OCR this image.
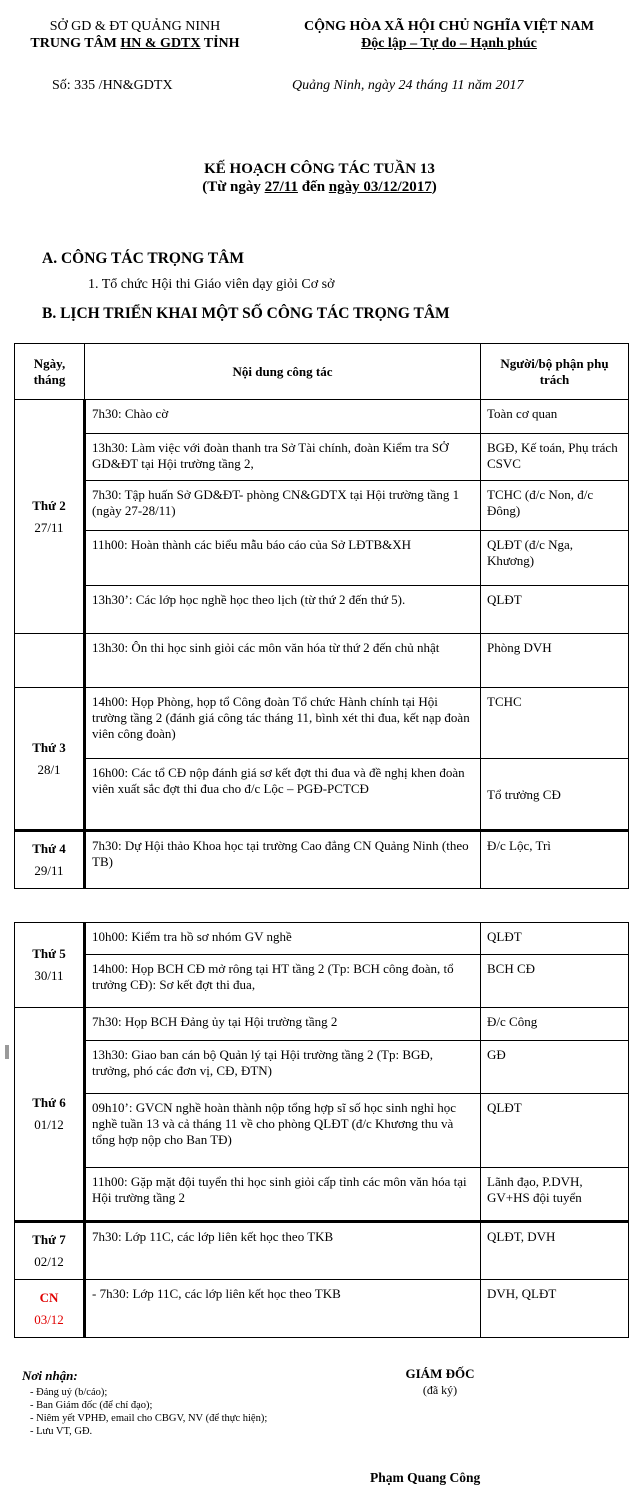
SỞ GD & ĐT QUẢNG NINH
TRUNG TÂM HN & GDTX TỈNH
CỘNG HÒA XÃ HỘI CHỦ NGHĨA VIỆT NAM
Độc lập – Tự do – Hạnh phúc
Số: 335 /HN&GDTX	Quảng Ninh, ngày 24 tháng 11 năm 2017
KẾ HOẠCH CÔNG TÁC TUẦN 13
(Từ ngày 27/11 đến ngày 03/12/2017)
A. CÔNG TÁC TRỌNG TÂM
1. Tổ chức Hội thi Giáo viên dạy giỏi Cơ sở
B. LỊCH TRIỂN KHAI MỘT SỐ CÔNG TÁC TRỌNG TÂM
Ngày, tháng	Nội dung công tác	Người/bộ phận phụ trách

Thứ 2
27/11	7h30: Chào cờ	Toàn cơ quan
	13h30: Làm việc với đoàn thanh tra Sở Tài chính, đoàn Kiểm tra SỞ GD&ĐT tại Hội trường tầng 2,	BGĐ, Kế toán, Phụ trách CSVC
	7h30: Tập huấn Sở GD&ĐT- phòng CN&GDTX tại Hội trường tầng 1 (ngày 27-28/11)	TCHC (đ/c Non, đ/c Đông)
	11h00: Hoàn thành các biểu mẫu báo cáo của Sở LĐTB&XH	QLĐT (đ/c Nga, Khương)
	13h30’: Các lớp học nghề học theo lịch (từ thứ 2 đến thứ 5).	QLĐT
	13h30: Ôn thi học sinh giỏi các môn văn hóa từ thứ 2 đến chủ nhật	Phòng DVH

Thứ 3
28/1	14h00: Họp Phòng, họp tổ Công đoàn Tổ chức Hành chính tại Hội trường tầng 2 (đánh giá công tác tháng 11, bình xét thi đua, kết nạp đoàn viên công đoàn)	TCHC
	16h00: Các tổ CĐ nộp đánh giá sơ kết đợt thi đua và đề nghị khen đoàn viên xuất sắc đợt thi đua cho đ/c Lộc – PGĐ-PCTCĐ	Tổ trưởng CĐ

Thứ 4
29/11	7h30: Dự Hội thảo Khoa học tại trường Cao đẳng CN Quảng Ninh (theo TB)	Đ/c Lộc, Trì
Thứ 5
30/11	10h00: Kiểm tra hồ sơ nhóm GV nghề	QLĐT
	14h00: Họp BCH CĐ mở rông tại HT tầng 2 (Tp: BCH công đoàn, tổ trưởng CĐ): Sơ kết đợt thi đua,	BCH CĐ

Thứ 6
01/12	7h30: Họp BCH Đảng ủy tại Hội trường tầng 2	Đ/c Công
	13h30: Giao ban cán bộ Quản lý tại Hội trường tầng 2 (Tp: BGĐ, trưởng, phó các đơn vị, CĐ, ĐTN)	GĐ
	09h10’: GVCN nghề hoàn thành nộp tổng hợp sĩ số học sinh nghỉ học nghề tuần 13 và cả tháng 11 về cho phòng QLĐT (đ/c Khương thu và tổng hợp nộp cho Ban TĐ)	QLĐT
	11h00: Gặp mặt đội tuyển thi học sinh giỏi cấp tỉnh các môn văn hóa tại Hội trường tầng 2	Lãnh đạo, P.DVH, GV+HS đội tuyển

Thứ 7
02/12	7h30: Lớp 11C, các lớp liên kết học theo TKB	QLĐT, DVH

CN
03/12	- 7h30: Lớp 11C, các lớp liên kết học theo TKB	DVH, QLĐT
Nơi nhận:
- Đảng uỷ (b/cáo);
- Ban Giám đốc (để chỉ đạo);
- Niêm yết VPHĐ, email cho CBGV, NV (để thực hiện);
- Lưu VT, GĐ.
GIÁM ĐỐC
(đã ký)
Phạm Quang Công
